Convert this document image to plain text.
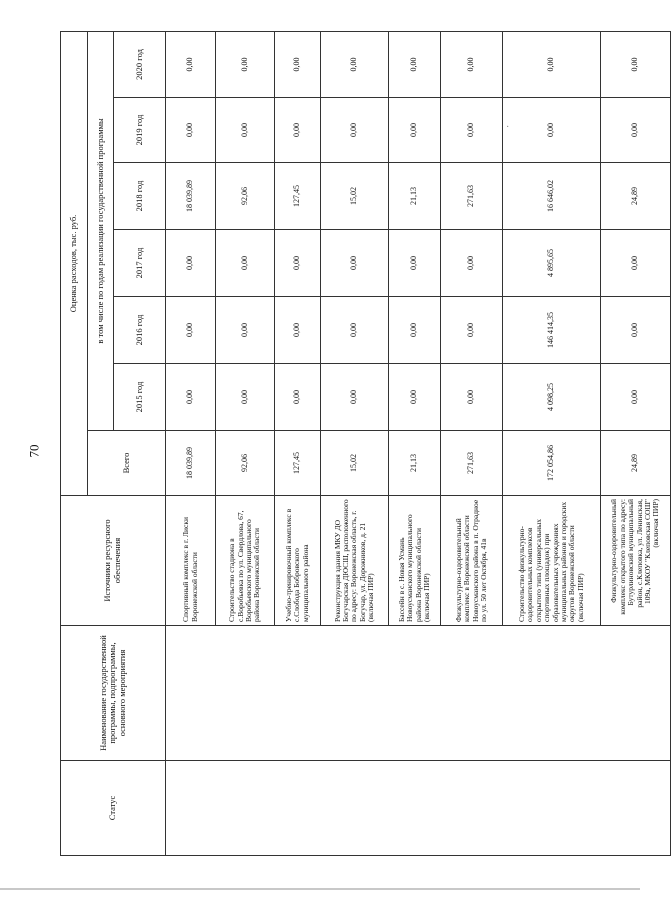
70
·
Статус	Наименование государственной программы, подпрограммы, основного мероприятия	Источники ресурсного обеспечения	Оценка расходов, тыс. руб.						
			Всего	в том числе по годам реализации государственной программы					
				2015 год	2016 год	2017 год	2018 год	2019 год	2020 год
		Спортивный комплекс в г. Лиски Воронежской области	18 039,89	0,00	0,00	0,00	18 039,89	0,00	0,00
		Строительство стадиона в с.Воробьевка по ул. Свердлова, 67, Воробьевского муниципального района Воронежской области	92,06	0,00	0,00	0,00	92,06	0,00	0,00
		Учебно-тренировочный комплекс в с.Слобода Бобровского муниципального района	127,45	0,00	0,00	0,00	127,45	0,00	0,00
		Реконструкция здания МКУ ДО Богучарская ДЮСШ, расположенного по адресу: Воронежская область, г. Богучар, ул. Дорожников, д. 21 (включая ПИР)	15,02	0,00	0,00	0,00	15,02	0,00	0,00
		Бассейн в с. Новая Усмань Новоусманского муниципального района Воронежской области (включая ПИР)	21,13	0,00	0,00	0,00	21,13	0,00	0,00
		Физкультурно-оздоровительный комплекс в Воронежской области Новоусманского района в п. Отрадное по ул. 50 лет Октября, 41в	271,63	0,00	0,00	0,00	271,63	0,00	0,00
		Строительство физкультурно-оздоровительных комплексов открытого типа (универсальных спортивных площадок) при образовательных учреждениях муниципальных районов и городских округов Воронежской области (включая ПИР)	172 054,86	4 098,25	146 414,35	4 895,65	16 646,02	0,00	0,00
		Физкультурно-оздоровительный комплекс открытого типа по адресу: Бутурлиновский муниципальный район, с.Клеповка, ул. Ленинская, 109а, МКОУ "Клеповская СОШ" (включая ПИР)	24,89	0,00	0,00	0,00	24,89	0,00	0,00
